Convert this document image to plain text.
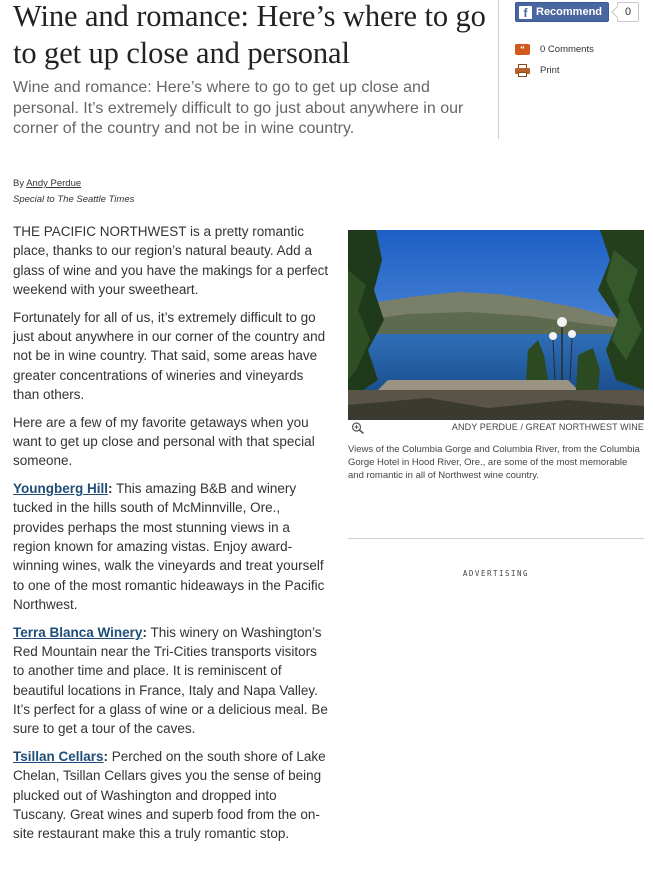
Wine and romance: Here’s where to go to get up close and personal

Wine and romance: Here’s where to go to get up close and personal. It’s extremely difficult to go just about anywhere in our corner of the country and not be in wine country.

f Recommend	0
“	0 Comments
Print
By Andy Perdue
Special to The Seattle Times

THE PACIFIC NORTHWEST is a pretty romantic place, thanks to our region’s natural beauty. Add a glass of wine and you have the makings for a perfect weekend with your sweetheart.

Fortunately for all of us, it’s extremely difficult to go just about anywhere in our corner of the country and not be in wine country. That said, some areas have greater concentrations of wineries and vineyards than others.

Here are a few of my favorite getaways when you want to get up close and personal with that special someone.

Youngberg Hill: This amazing B&B and winery tucked in the hills south of McMinnville, Ore., provides perhaps the most stunning views in a region known for amazing vistas. Enjoy award-winning wines, walk the vineyards and treat yourself to one of the most romantic hideaways in the Pacific Northwest.

Terra Blanca Winery: This winery on Washington’s Red Mountain near the Tri-Cities transports visitors to another time and place. It is reminiscent of beautiful locations in France, Italy and Napa Valley. It’s perfect for a glass of wine or a delicious meal. Be sure to get a tour of the caves.

Tsillan Cellars: Perched on the south shore of Lake Chelan, Tsillan Cellars gives you the sense of being plucked out of Washington and dropped into Tuscany. Great wines and superb food from the on-site restaurant make this a truly romantic stop.

ANDY PERDUE / GREAT NORTHWEST WINE

Views of the Columbia Gorge and Columbia River, from the Columbia Gorge Hotel in Hood River, Ore., are some of the most memorable and romantic in all of Northwest wine country.

ADVERTISING
